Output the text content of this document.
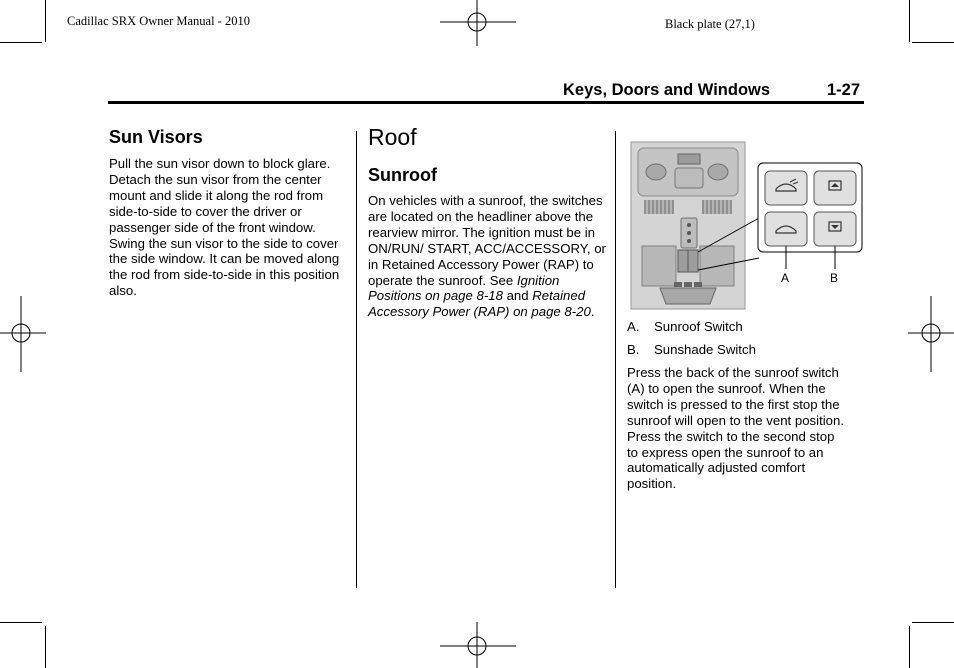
Cadillac SRX Owner Manual - 2010	Black plate (27,1)
Keys, Doors and Windows	1-27
Sun Visors
Pull the sun visor down to block glare. Detach the sun visor from the center mount and slide it along the rod from side-to-side to cover the driver or passenger side of the front window. Swing the sun visor to the side to cover the side window. It can be moved along the rod from side-to-side in this position also.
Roof
Sunroof
On vehicles with a sunroof, the switches are located on the headliner above the rearview mirror. The ignition must be in ON/RUN/ START, ACC/ACCESSORY, or in Retained Accessory Power (RAP) to operate the sunroof. See Ignition Positions on page 8-18 and Retained Accessory Power (RAP) on page 8-20.
A	B
A. Sunroof Switch
B. Sunshade Switch
Press the back of the sunroof switch (A) to open the sunroof. When the switch is pressed to the first stop the sunroof will open to the vent position. Press the switch to the second stop to express open the sunroof to an automatically adjusted comfort position.
